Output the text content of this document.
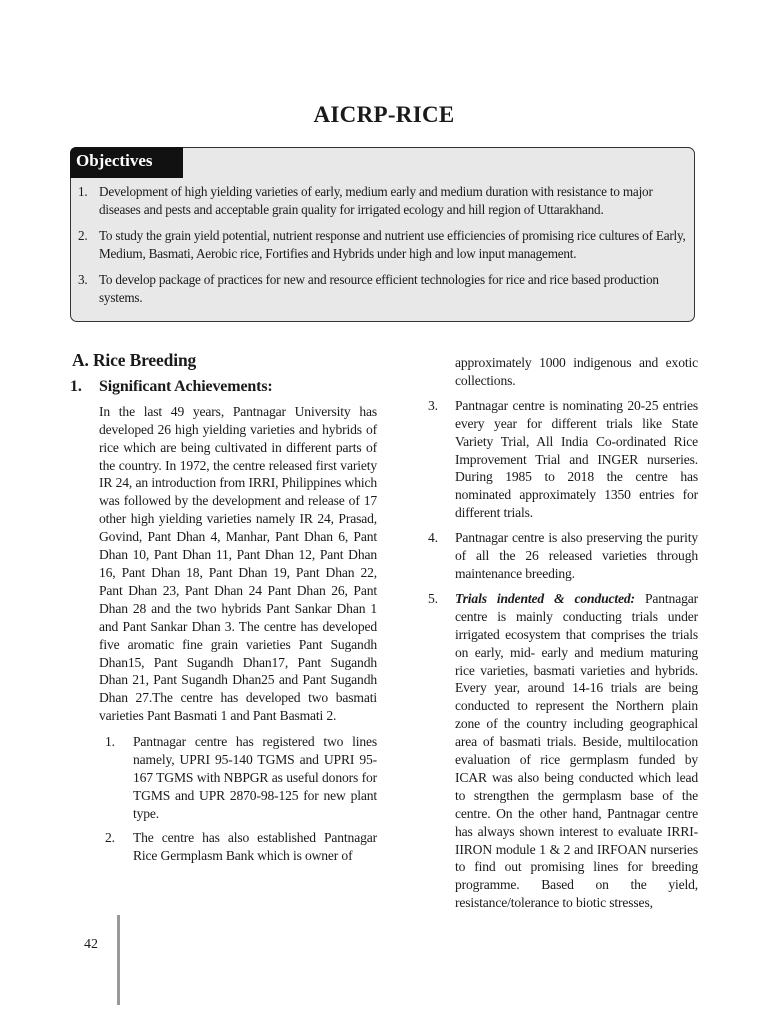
AICRP-RICE
Objectives
1. Development of high yielding varieties of early, medium early and medium duration with resistance to major diseases and pests and acceptable grain quality for irrigated ecology and hill region of Uttarakhand.
2. To study the grain yield potential, nutrient response and nutrient use efficiencies of promising rice cultures of Early, Medium, Basmati, Aerobic rice, Fortifies and Hybrids under high and low input management.
3. To develop package of practices for new and resource efficient technologies for rice and rice based production systems.
A. Rice Breeding
1. Significant Achievements:

In the last 49 years, Pantnagar University has developed 26 high yielding varieties and hybrids of rice which are being cultivated in different parts of the country. In 1972, the centre released first variety IR 24, an introduction from IRRI, Philippines which was followed by the development and release of 17 other high yielding varieties namely IR 24, Prasad, Govind, Pant Dhan 4, Manhar, Pant Dhan 6, Pant Dhan 10, Pant Dhan 11, Pant Dhan 12, Pant Dhan 16, Pant Dhan 18, Pant Dhan 19, Pant Dhan 22, Pant Dhan 23, Pant Dhan 24 Pant Dhan 26, Pant Dhan 28 and the two hybrids Pant Sankar Dhan 1 and Pant Sankar Dhan 3. The centre has developed five aromatic fine grain varieties Pant Sugandh Dhan15, Pant Sugandh Dhan17, Pant Sugandh Dhan 21, Pant Sugandh Dhan25 and Pant Sugandh Dhan 27.The centre has developed two basmati varieties Pant Basmati 1 and Pant Basmati 2.

1. Pantnagar centre has registered two lines namely, UPRI 95-140 TGMS and UPRI 95-167 TGMS with NBPGR as useful donors for TGMS and UPR 2870-98-125 for new plant type.
2. The centre has also established Pantnagar Rice Germplasm Bank which is owner of
approximately 1000 indigenous and exotic collections.
3. Pantnagar centre is nominating 20-25 entries every year for different trials like State Variety Trial, All India Co-ordinated Rice Improvement Trial and INGER nurseries. During 1985 to 2018 the centre has nominated approximately 1350 entries for different trials.
4. Pantnagar centre is also preserving the purity of all the 26 released varieties through maintenance breeding.
5. Trials indented & conducted: Pantnagar centre is mainly conducting trials under irrigated ecosystem that comprises the trials on early, mid- early and medium maturing rice varieties, basmati varieties and hybrids. Every year, around 14-16 trials are being conducted to represent the Northern plain zone of the country including geographical area of basmati trials. Beside, multilocation evaluation of rice germplasm funded by ICAR was also being conducted which lead to strengthen the germplasm base of the centre. On the other hand, Pantnagar centre has always shown interest to evaluate IRRI-IIRON module 1 & 2 and IRFOAN nurseries to find out promising lines for breeding programme. Based on the yield, resistance/tolerance to biotic stresses,
42
